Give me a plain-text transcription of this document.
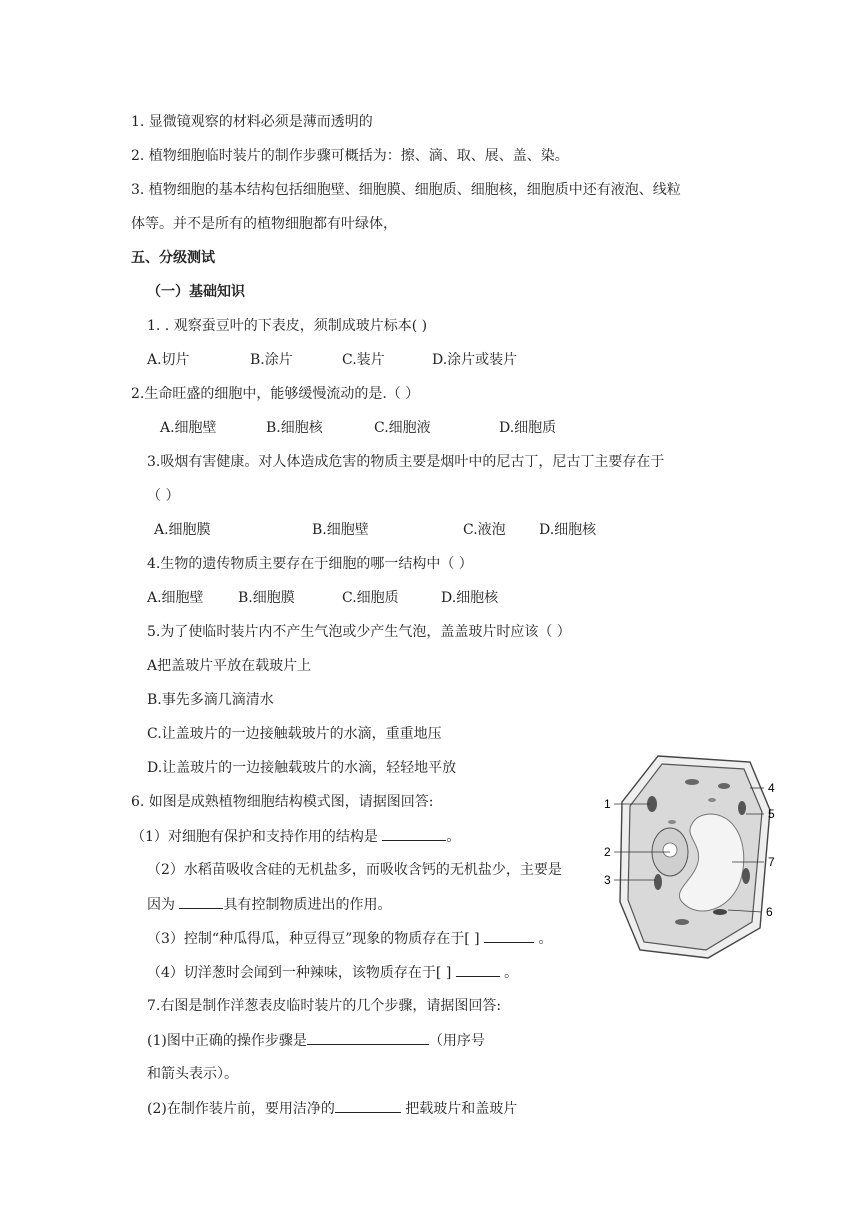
1. 显微镜观察的材料必须是薄而透明的
2. 植物细胞临时装片的制作步骤可概括为：擦、滴、取、展、盖、染。
3. 植物细胞的基本结构包括细胞壁、细胞膜、细胞质、细胞核，细胞质中还有液泡、线粒
体等。并不是所有的植物细胞都有叶绿体，
五、分级测试
（一）基础知识
1. . 观察蚕豆叶的下表皮，须制成玻片标本( )
A.切片	B.涂片	C.装片	D.涂片或装片
2.生命旺盛的细胞中，能够缓慢流动的是.（ ）
A.细胞壁	B.细胞核	C.细胞液	D.细胞质
3.吸烟有害健康。对人体造成危害的物质主要是烟叶中的尼古丁，尼古丁主要存在于
（ ）
A.细胞膜	B.细胞壁	C.液泡 D.细胞核
4.生物的遗传物质主要存在于细胞的哪一结构中（ ）
A.细胞壁 B.细胞膜	C.细胞质	D.细胞核
5.为了使临时装片内不产生气泡或少产生气泡，盖盖玻片时应该（ ）
A把盖玻片平放在载玻片上
B.事先多滴几滴清水
C.让盖玻片的一边接触载玻片的水滴，重重地压
D.让盖玻片的一边接触载玻片的水滴，轻轻地平放
6. 如图是成熟植物细胞结构模式图，请据图回答:
（1）对细胞有保护和支持作用的结构是	。
（2）水稻苗吸收含硅的无机盐多，而吸收含钙的无机盐少，主要是
因为	具有控制物质进出的作用。
（3）控制“种瓜得瓜，种豆得豆”现象的物质存在于[ ]	。
（4）切洋葱时会闻到一种辣味，该物质存在于[ ]	。
1
2
3
4
5
6
7
7.右图是制作洋葱表皮临时装片的几个步骤，请据图回答:
(1)图中正确的操作步骤是	（用序号
和箭头表示）。
(2)在制作装片前，要用洁净的	把载玻片和盖玻片
